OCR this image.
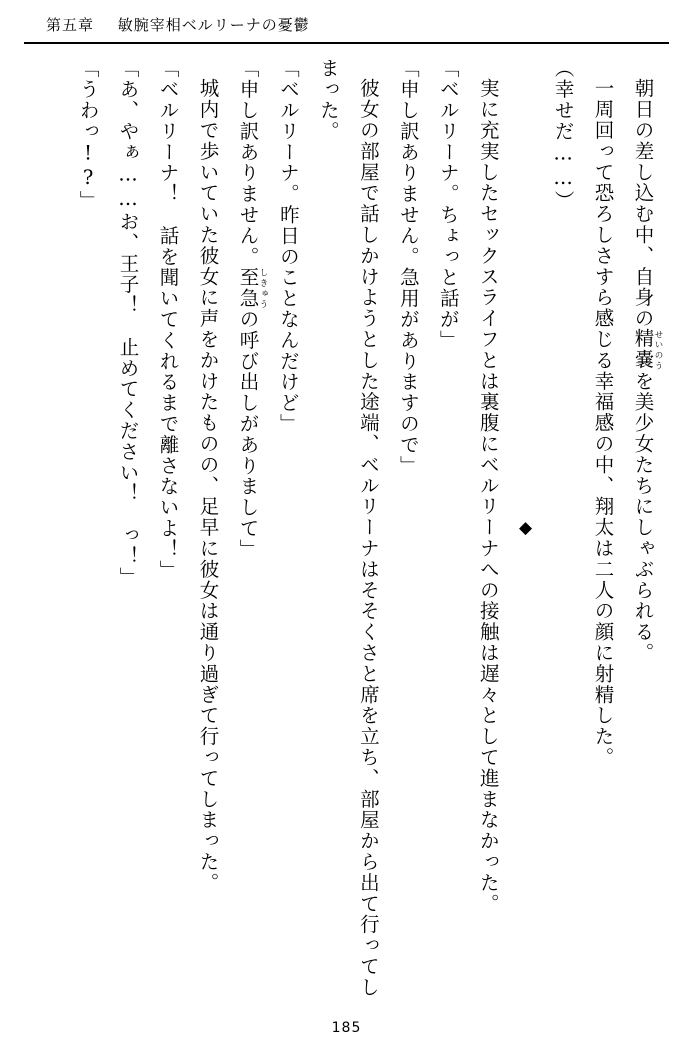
第五章 敏腕宰相ベルリーナの憂鬱

朝日の差し込む中、自身の精嚢せいのうを美少女たちにしゃぶられる。

一周回って恐ろしさすら感じる幸福感の中、翔太は二人の顔に射精した。

（幸せだ……）

◆

実に充実したセックスライフとは裏腹にベルリーナへの接触は遅々として進まなかった。

「ベルリーナ。ちょっと話が」

「申し訳ありません。急用がありますので」

彼女の部屋で話しかけようとした途端、ベルリーナはそそくさと席を立ち、部屋から出て行ってしまった。

「ベルリーナ。昨日のことなんだけど」

「申し訳ありません。至急しきゅうの呼び出しがありまして」

城内で歩いていた彼女に声をかけたものの、足早に彼女は通り過ぎて行ってしまった。

「ベルリーナ！　話を聞いてくれるまで離さないよ！」

「あ、やぁ……お、王子！　止めてください！　っ！」

「うわっ!?」

185
